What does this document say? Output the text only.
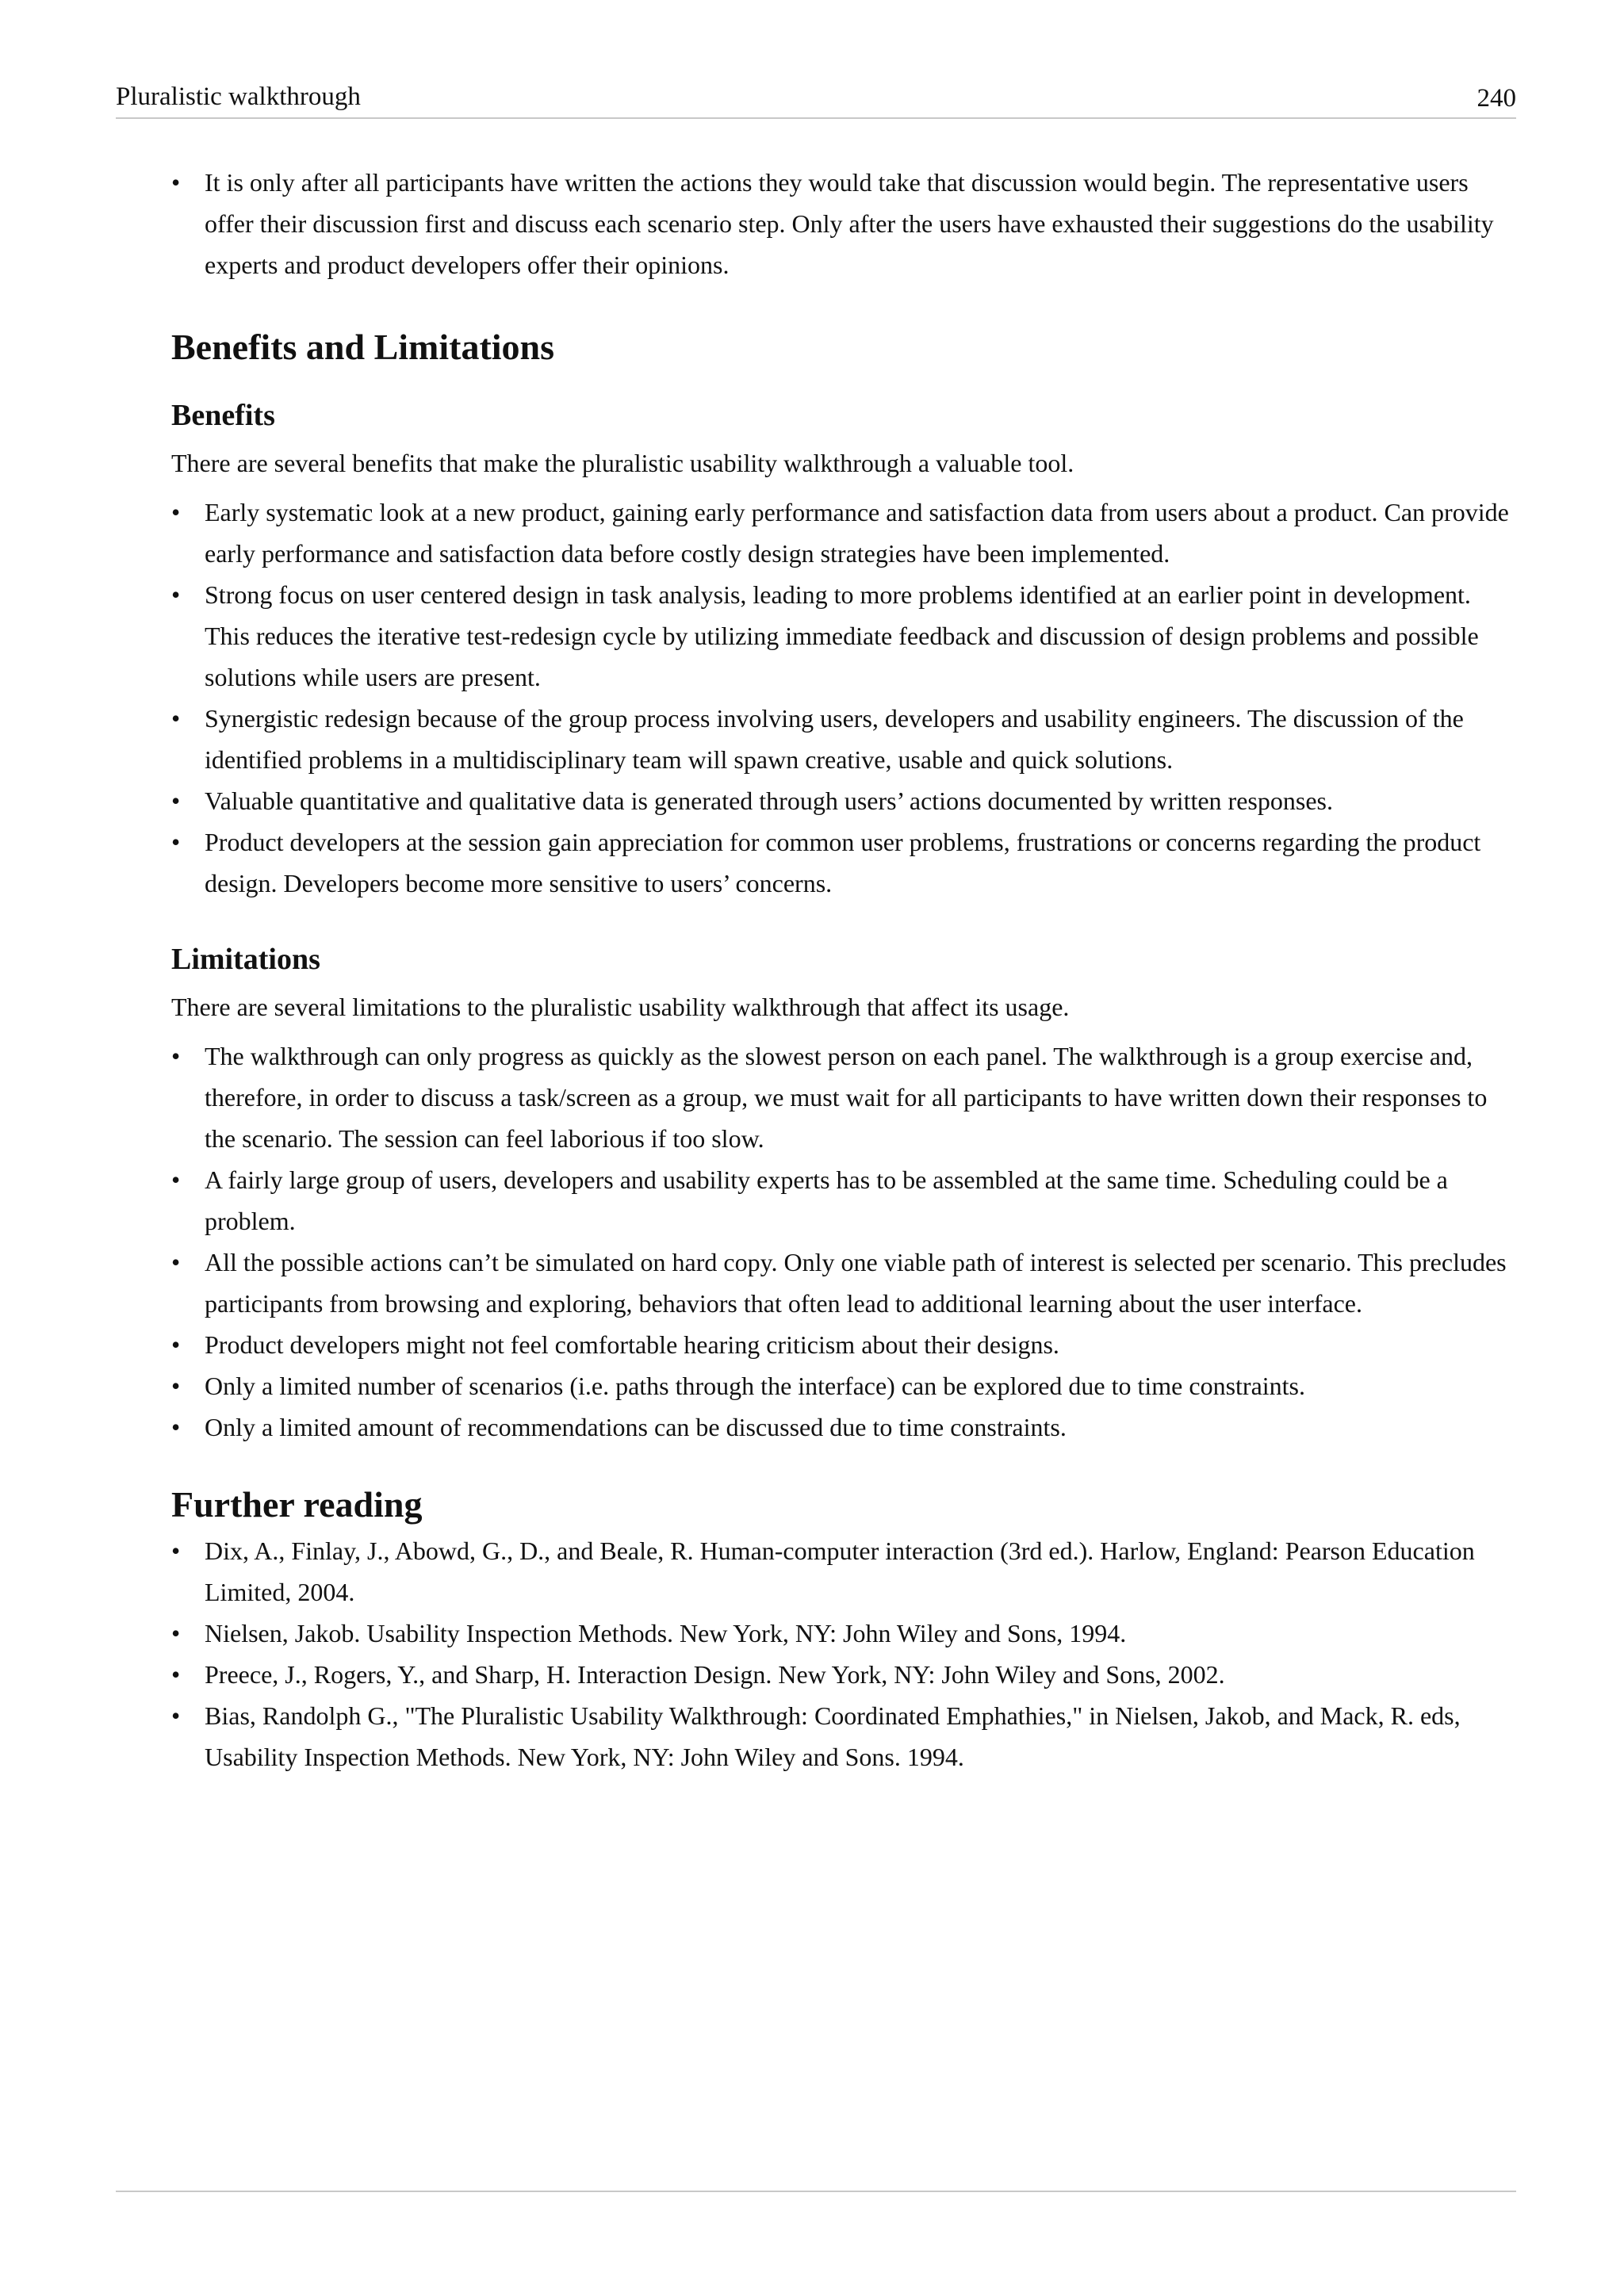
Pluralistic walkthrough	240
• It is only after all participants have written the actions they would take that discussion would begin. The representative users offer their discussion first and discuss each scenario step. Only after the users have exhausted their suggestions do the usability experts and product developers offer their opinions.
Benefits and Limitations
Benefits

There are several benefits that make the pluralistic usability walkthrough a valuable tool.

• Early systematic look at a new product, gaining early performance and satisfaction data from users about a product. Can provide early performance and satisfaction data before costly design strategies have been implemented.
• Strong focus on user centered design in task analysis, leading to more problems identified at an earlier point in development. This reduces the iterative test-redesign cycle by utilizing immediate feedback and discussion of design problems and possible solutions while users are present.
• Synergistic redesign because of the group process involving users, developers and usability engineers. The discussion of the identified problems in a multidisciplinary team will spawn creative, usable and quick solutions.
• Valuable quantitative and qualitative data is generated through users’ actions documented by written responses.
• Product developers at the session gain appreciation for common user problems, frustrations or concerns regarding the product design. Developers become more sensitive to users’ concerns.
Limitations

There are several limitations to the pluralistic usability walkthrough that affect its usage.

• The walkthrough can only progress as quickly as the slowest person on each panel. The walkthrough is a group exercise and, therefore, in order to discuss a task/screen as a group, we must wait for all participants to have written down their responses to the scenario. The session can feel laborious if too slow.
• A fairly large group of users, developers and usability experts has to be assembled at the same time. Scheduling could be a problem.
• All the possible actions can’t be simulated on hard copy. Only one viable path of interest is selected per scenario. This precludes participants from browsing and exploring, behaviors that often lead to additional learning about the user interface.
• Product developers might not feel comfortable hearing criticism about their designs.
• Only a limited number of scenarios (i.e. paths through the interface) can be explored due to time constraints.
• Only a limited amount of recommendations can be discussed due to time constraints.
Further reading
• Dix, A., Finlay, J., Abowd, G., D., and Beale, R. Human-computer interaction (3rd ed.). Harlow, England: Pearson Education Limited, 2004.
• Nielsen, Jakob. Usability Inspection Methods. New York, NY: John Wiley and Sons, 1994.
• Preece, J., Rogers, Y., and Sharp, H. Interaction Design. New York, NY: John Wiley and Sons, 2002.
• Bias, Randolph G., "The Pluralistic Usability Walkthrough: Coordinated Emphathies," in Nielsen, Jakob, and Mack, R. eds, Usability Inspection Methods. New York, NY: John Wiley and Sons. 1994.
